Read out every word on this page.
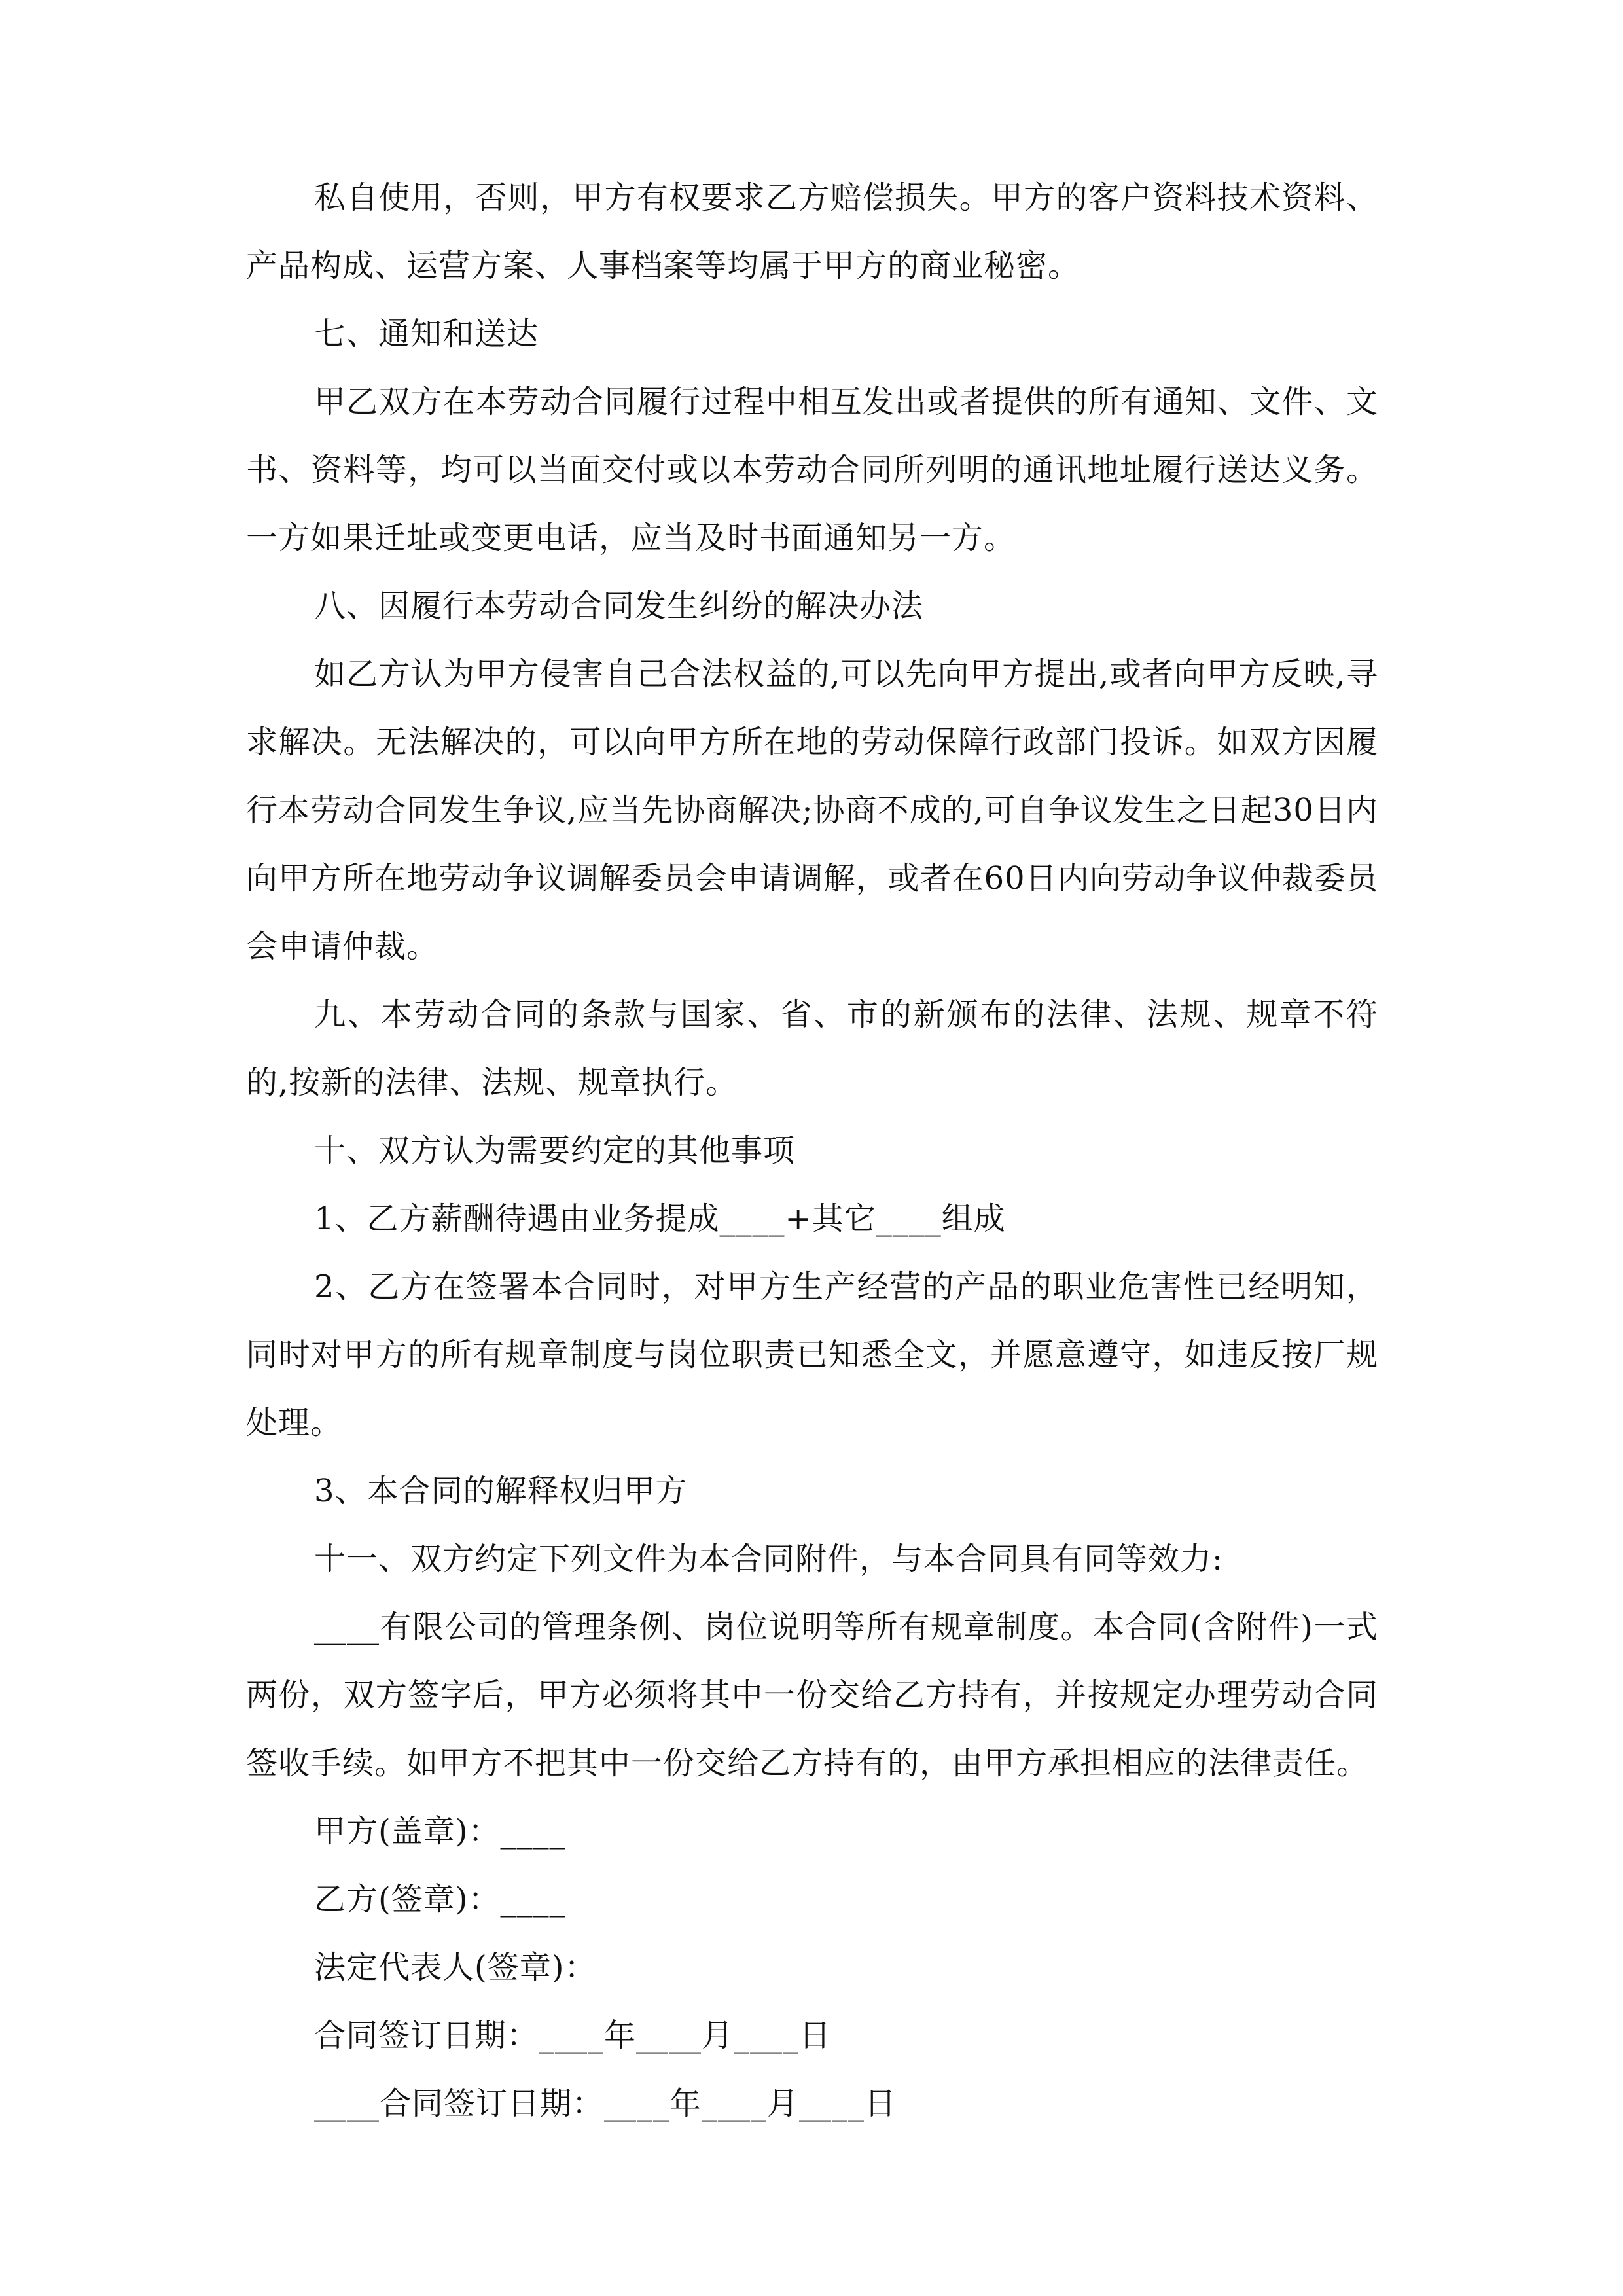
私自使用，否则，甲方有权要求乙方赔偿损失。甲方的客户资料技术资料、产品构成、运营方案、人事档案等均属于甲方的商业秘密。

七、通知和送达

甲乙双方在本劳动合同履行过程中相互发出或者提供的所有通知、文件、文书、资料等，均可以当面交付或以本劳动合同所列明的通讯地址履行送达义务。一方如果迁址或变更电话，应当及时书面通知另一方。

八、因履行本劳动合同发生纠纷的解决办法

如乙方认为甲方侵害自己合法权益的,可以先向甲方提出,或者向甲方反映,寻求解决。无法解决的，可以向甲方所在地的劳动保障行政部门投诉。如双方因履行本劳动合同发生争议,应当先协商解决;协商不成的,可自争议发生之日起30日内向甲方所在地劳动争议调解委员会申请调解，或者在60日内向劳动争议仲裁委员会申请仲裁。

九、本劳动合同的条款与国家、省、市的新颁布的法律、法规、规章不符的,按新的法律、法规、规章执行。

十、双方认为需要约定的其他事项

1、乙方薪酬待遇由业务提成____+其它____组成

2、乙方在签署本合同时，对甲方生产经营的产品的职业危害性已经明知，同时对甲方的所有规章制度与岗位职责已知悉全文，并愿意遵守，如违反按厂规处理。

3、本合同的解释权归甲方

十一、双方约定下列文件为本合同附件，与本合同具有同等效力:

____有限公司的管理条例、岗位说明等所有规章制度。本合同(含附件)一式两份，双方签字后，甲方必须将其中一份交给乙方持有，并按规定办理劳动合同签收手续。如甲方不把其中一份交给乙方持有的，由甲方承担相应的法律责任。

甲方(盖章)：____

乙方(签章)：____

法定代表人(签章)：

合同签订日期：____年____月____日

____合同签订日期：____年____月____日
